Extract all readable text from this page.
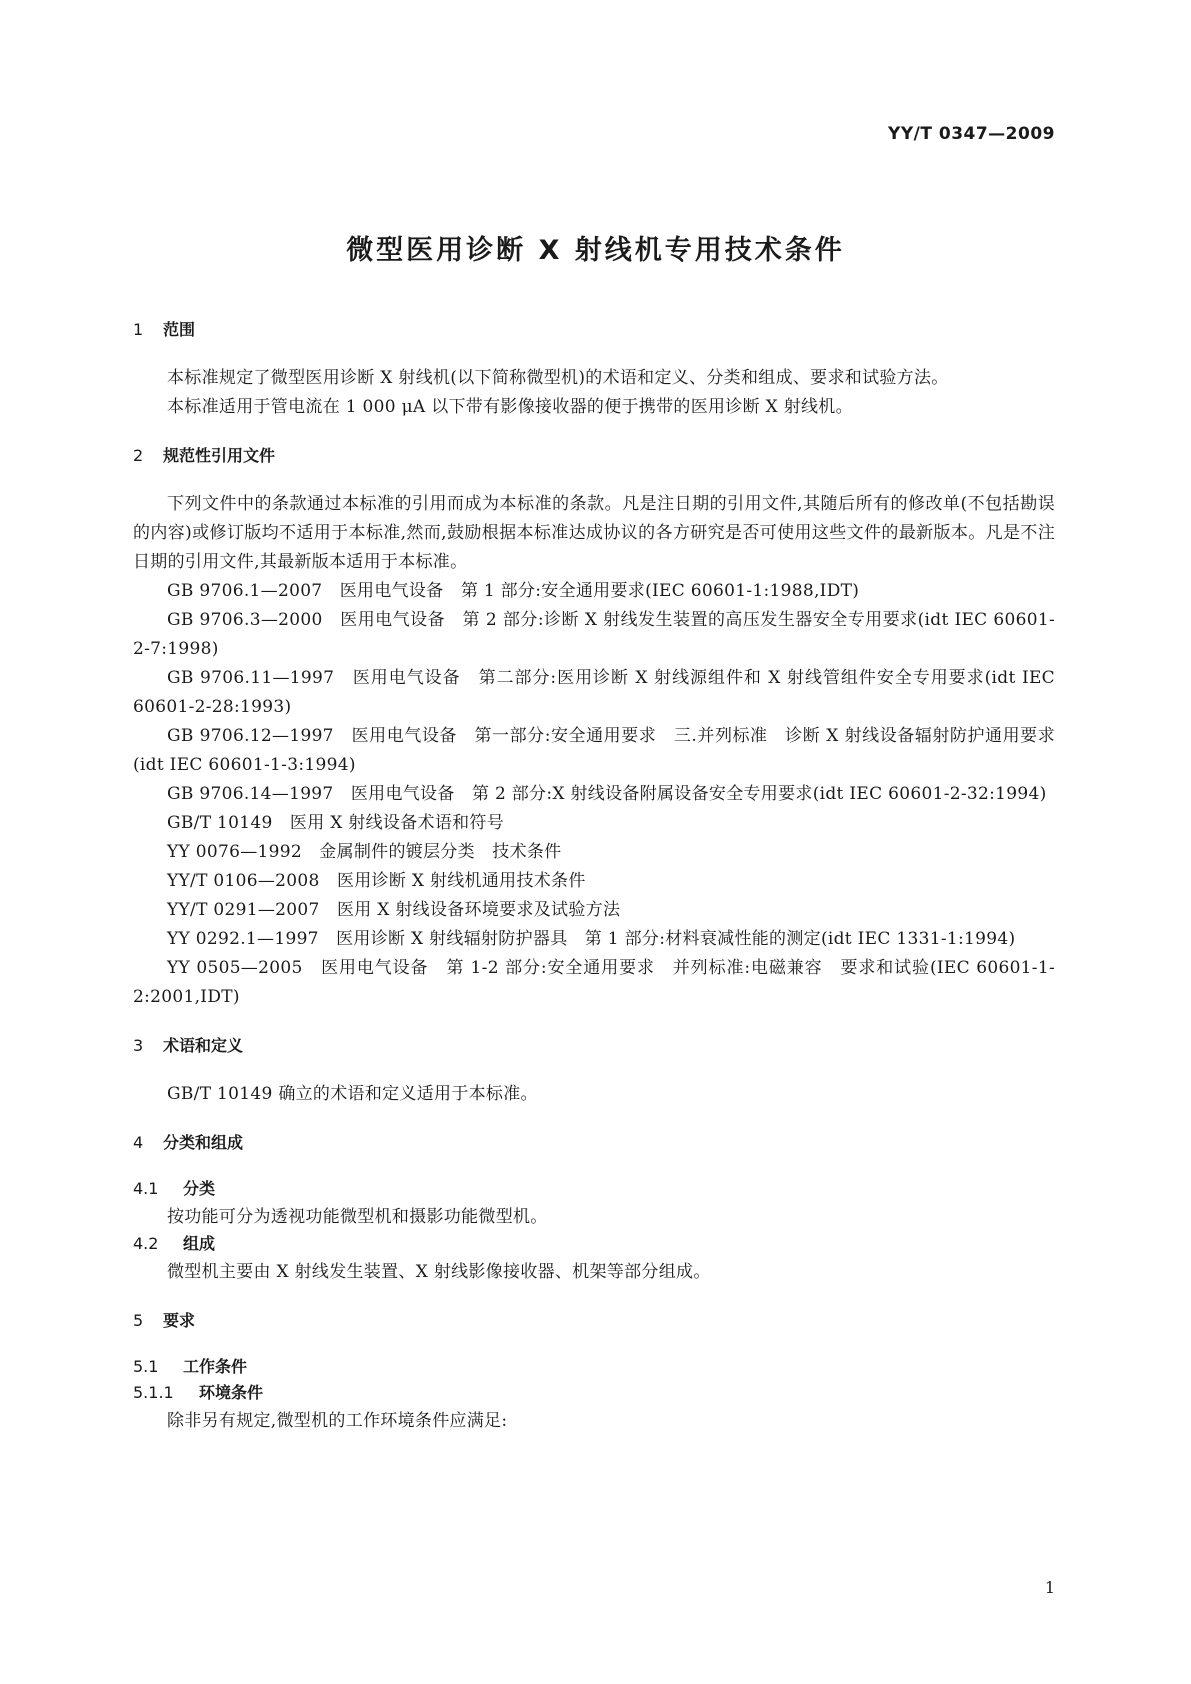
YY/T 0347—2009
微型医用诊断 X 射线机专用技术条件
1 范围

本标准规定了微型医用诊断 X 射线机(以下简称微型机)的术语和定义、分类和组成、要求和试验方法。

本标准适用于管电流在 1 000 μA 以下带有影像接收器的便于携带的医用诊断 X 射线机。

2 规范性引用文件

下列文件中的条款通过本标准的引用而成为本标准的条款。凡是注日期的引用文件,其随后所有的修改单(不包括勘误的内容)或修订版均不适用于本标准,然而,鼓励根据本标准达成协议的各方研究是否可使用这些文件的最新版本。凡是不注日期的引用文件,其最新版本适用于本标准。

GB 9706.1—2007　医用电气设备　第 1 部分:安全通用要求(IEC 60601-1:1988,IDT)

GB 9706.3—2000　医用电气设备　第 2 部分:诊断 X 射线发生装置的高压发生器安全专用要求(idt IEC 60601-2-7:1998)

GB 9706.11—1997　医用电气设备　第二部分:医用诊断 X 射线源组件和 X 射线管组件安全专用要求(idt IEC 60601-2-28:1993)

GB 9706.12—1997　医用电气设备　第一部分:安全通用要求　三.并列标准　诊断 X 射线设备辐射防护通用要求(idt IEC 60601-1-3:1994)

GB 9706.14—1997　医用电气设备　第 2 部分:X 射线设备附属设备安全专用要求(idt IEC 60601-2-32:1994)

GB/T 10149　医用 X 射线设备术语和符号

YY 0076—1992　金属制件的镀层分类　技术条件

YY/T 0106—2008　医用诊断 X 射线机通用技术条件

YY/T 0291—2007　医用 X 射线设备环境要求及试验方法

YY 0292.1—1997　医用诊断 X 射线辐射防护器具　第 1 部分:材料衰减性能的测定(idt IEC 1331-1:1994)

YY 0505—2005　医用电气设备　第 1-2 部分:安全通用要求　并列标准:电磁兼容　要求和试验(IEC 60601-1-2:2001,IDT)

3 术语和定义

GB/T 10149 确立的术语和定义适用于本标准。

4 分类和组成
4.1 分类

按功能可分为透视功能微型机和摄影功能微型机。

4.2 组成

微型机主要由 X 射线发生装置、X 射线影像接收器、机架等部分组成。

5 要求
5.1 工作条件
5.1.1 环境条件

除非另有规定,微型机的工作环境条件应满足:

1
